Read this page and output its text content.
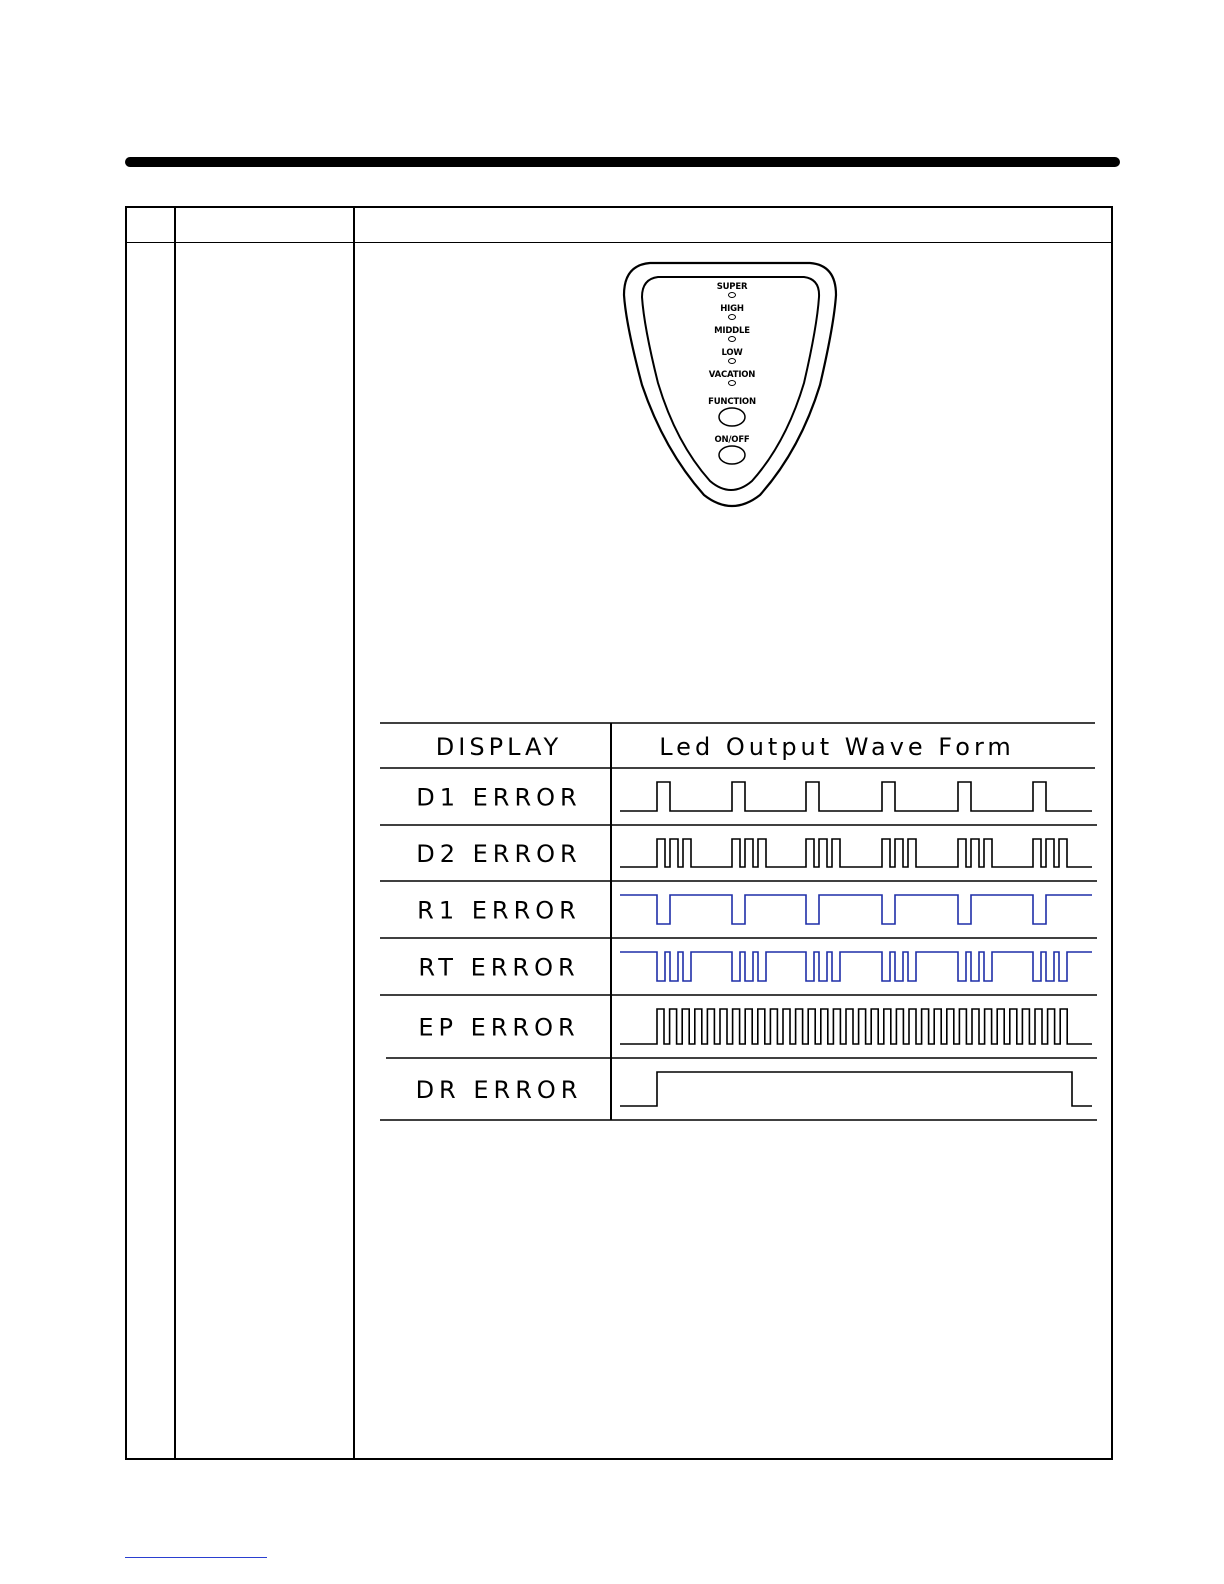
SUPER
HIGH
MIDDLE
LOW
VACATION
FUNCTION
ON/OFF
DISPLAY	Led Output Wave Form
D1 ERROR
D2 ERROR
R1 ERROR
RT ERROR
EP ERROR
DR ERROR
